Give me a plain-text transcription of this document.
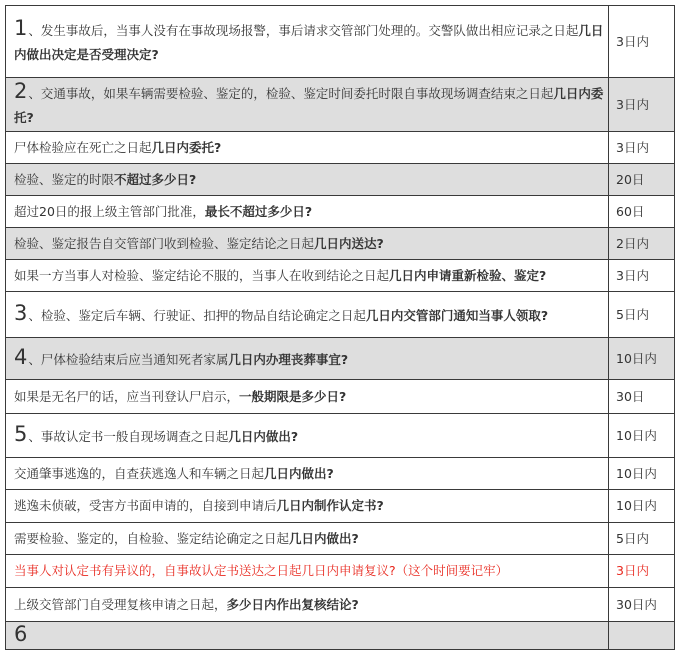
1、发生事故后，当事人没有在事故现场报警，事后请求交管部门处理的。交警队做出相应记录之日起几日内做出决定是否受理决定?	3日内
2、交通事故，如果车辆需要检验、鉴定的，检验、鉴定时间委托时限自事故现场调查结束之日起几日内委托?	3日内
尸体检验应在死亡之日起几日内委托?	3日内
检验、鉴定的时限不超过多少日?	20日
超过20日的报上级主管部门批准，最长不超过多少日?	60日
检验、鉴定报告自交管部门收到检验、鉴定结论之日起几日内送达?	2日内
如果一方当事人对检验、鉴定结论不服的，当事人在收到结论之日起几日内申请重新检验、鉴定?	3日内
3、检验、鉴定后车辆、行驶证、扣押的物品自结论确定之日起几日内交管部门通知当事人领取?	5日内
4、尸体检验结束后应当通知死者家属几日内办理丧葬事宜?	10日内
如果是无名尸的话，应当刊登认尸启示，一般期限是多少日?	30日
5、事故认定书一般自现场调查之日起几日内做出?	10日内
交通肇事逃逸的，自查获逃逸人和车辆之日起几日内做出?	10日内
逃逸未侦破，受害方书面申请的，自接到申请后几日内制作认定书?	10日内
需要检验、鉴定的，自检验、鉴定结论确定之日起几日内做出?	5日内
当事人对认定书有异议的，自事故认定书送达之日起几日内申请复议?（这个时间要记牢）	3日内
上级交管部门自受理复核申请之日起，多少日内作出复核结论?	30日内
6	
